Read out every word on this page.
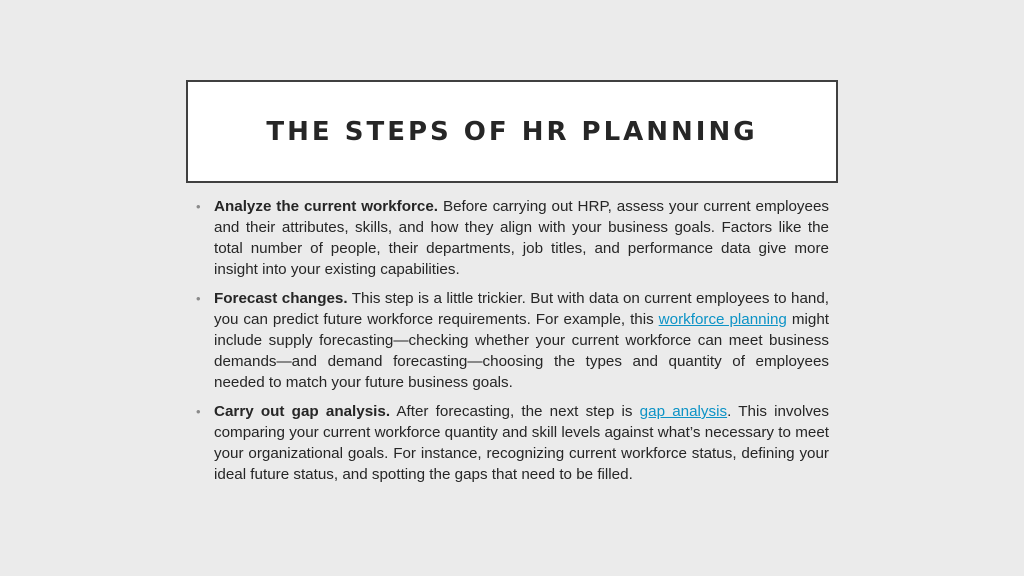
THE STEPS OF HR PLANNING
• Analyze the current workforce. Before carrying out HRP, assess your current employees and their attributes, skills, and how they align with your business goals. Factors like the total number of people, their departments, job titles, and performance data give more insight into your existing capabilities.
• Forecast changes. This step is a little trickier. But with data on current employees to hand, you can predict future workforce requirements. For example, this workforce planning might include supply forecasting—checking whether your current workforce can meet business demands—and demand forecasting—choosing the types and quantity of employees needed to match your future business goals.
• Carry out gap analysis. After forecasting, the next step is gap analysis. This involves comparing your current workforce quantity and skill levels against what’s necessary to meet your organizational goals. For instance, recognizing current workforce status, defining your ideal future status, and spotting the gaps that need to be filled.
